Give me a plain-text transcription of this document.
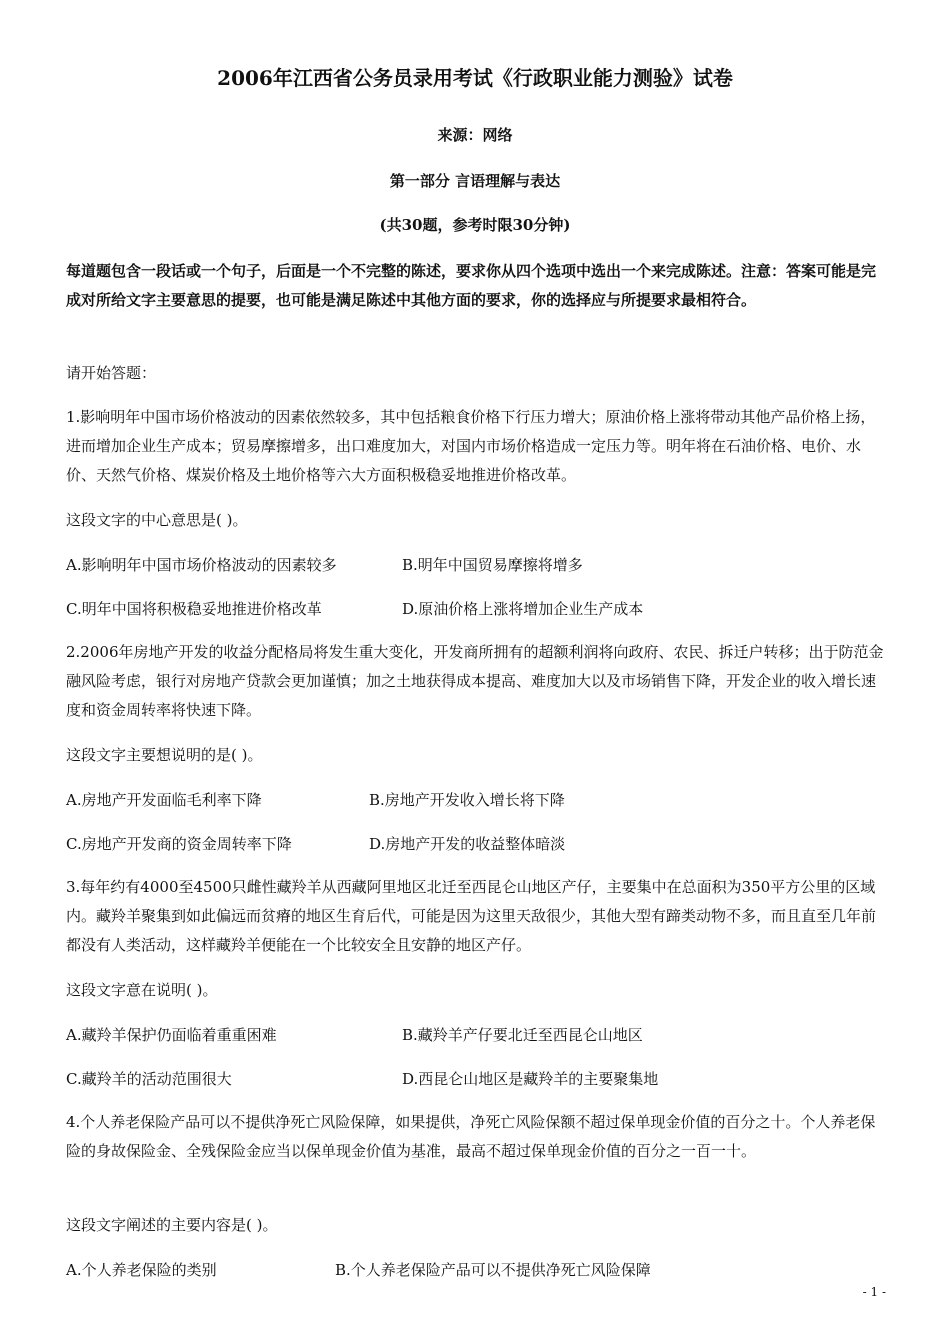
2006年江西省公务员录用考试《行政职业能力测验》试卷
来源：网络
第一部分 言语理解与表达
(共30题，参考时限30分钟)
每道题包含一段话或一个句子，后面是一个不完整的陈述，要求你从四个选项中选出一个来完成陈述。注意：答案可能是完成对所给文字主要意思的提要，也可能是满足陈述中其他方面的要求，你的选择应与所提要求最相符合。
请开始答题：
1.影响明年中国市场价格波动的因素依然较多，其中包括粮食价格下行压力增大；原油价格上涨将带动其他产品价格上扬，进而增加企业生产成本；贸易摩擦增多，出口难度加大，对国内市场价格造成一定压力等。明年将在石油价格、电价、水价、天然气价格、煤炭价格及土地价格等六大方面积极稳妥地推进价格改革。
这段文字的中心意思是( )。
A.影响明年中国市场价格波动的因素较多	B.明年中国贸易摩擦将增多
C.明年中国将积极稳妥地推进价格改革	D.原油价格上涨将增加企业生产成本
2.2006年房地产开发的收益分配格局将发生重大变化，开发商所拥有的超额利润将向政府、农民、拆迁户转移；出于防范金融风险考虑，银行对房地产贷款会更加谨慎；加之土地获得成本提高、难度加大以及市场销售下降，开发企业的收入增长速度和资金周转率将快速下降。
这段文字主要想说明的是( )。
A.房地产开发面临毛利率下降	B.房地产开发收入增长将下降
C.房地产开发商的资金周转率下降	D.房地产开发的收益整体暗淡
3.每年约有4000至4500只雌性藏羚羊从西藏阿里地区北迁至西昆仑山地区产仔，主要集中在总面积为350平方公里的区域内。藏羚羊聚集到如此偏远而贫瘠的地区生育后代，可能是因为这里天敌很少，其他大型有蹄类动物不多，而且直至几年前都没有人类活动，这样藏羚羊便能在一个比较安全且安静的地区产仔。
这段文字意在说明( )。
A.藏羚羊保护仍面临着重重困难	B.藏羚羊产仔要北迁至西昆仑山地区
C.藏羚羊的活动范围很大	D.西昆仑山地区是藏羚羊的主要聚集地
4.个人养老保险产品可以不提供净死亡风险保障，如果提供，净死亡风险保额不超过保单现金价值的百分之十。个人养老保险的身故保险金、全残保险金应当以保单现金价值为基准，最高不超过保单现金价值的百分之一百一十。
这段文字阐述的主要内容是( )。
A.个人养老保险的类别	B.个人养老保险产品可以不提供净死亡风险保障
- 1 -
